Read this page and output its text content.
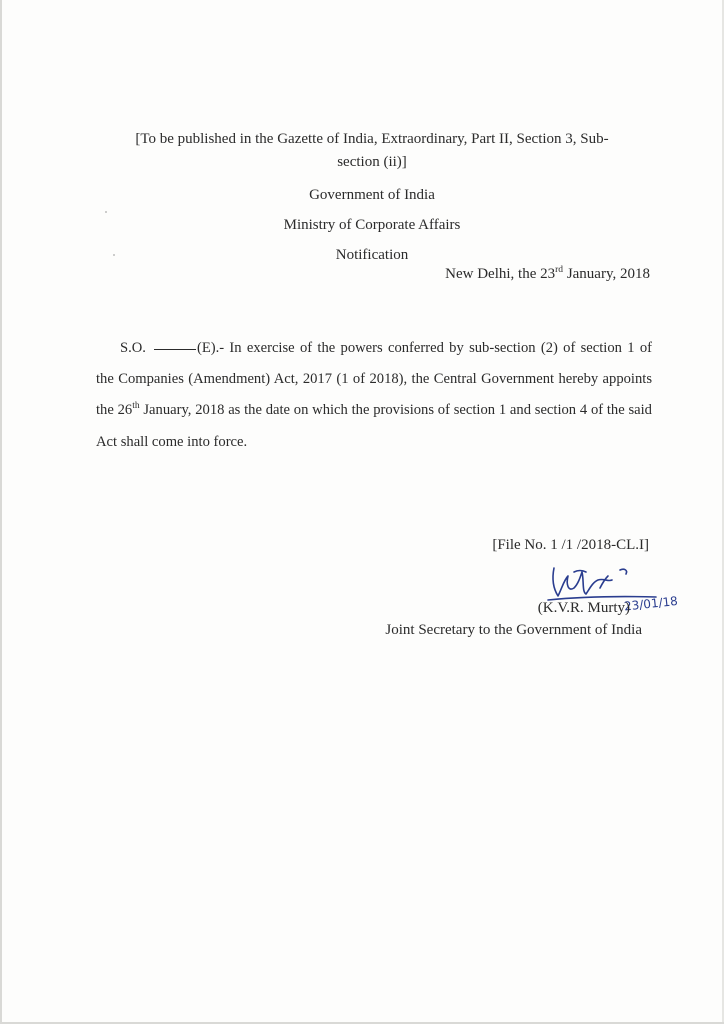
[To be published in the Gazette of India, Extraordinary, Part II, Section 3, Sub-
section (ii)]
Government of India
Ministry of Corporate Affairs
Notification
New Delhi, the 23rd January, 2018
S.O.	(E).- In exercise of the powers conferred by sub-section (2) of section 1 of the Companies (Amendment) Act, 2017 (1 of 2018), the Central Government hereby appoints the 26th January, 2018 as the date on which the provisions of section 1 and section 4 of the said Act shall come into force.
[File No. 1 /1 /2018-CL.I]
23/01/18
(K.V.R. Murty)
Joint Secretary to the Government of India
